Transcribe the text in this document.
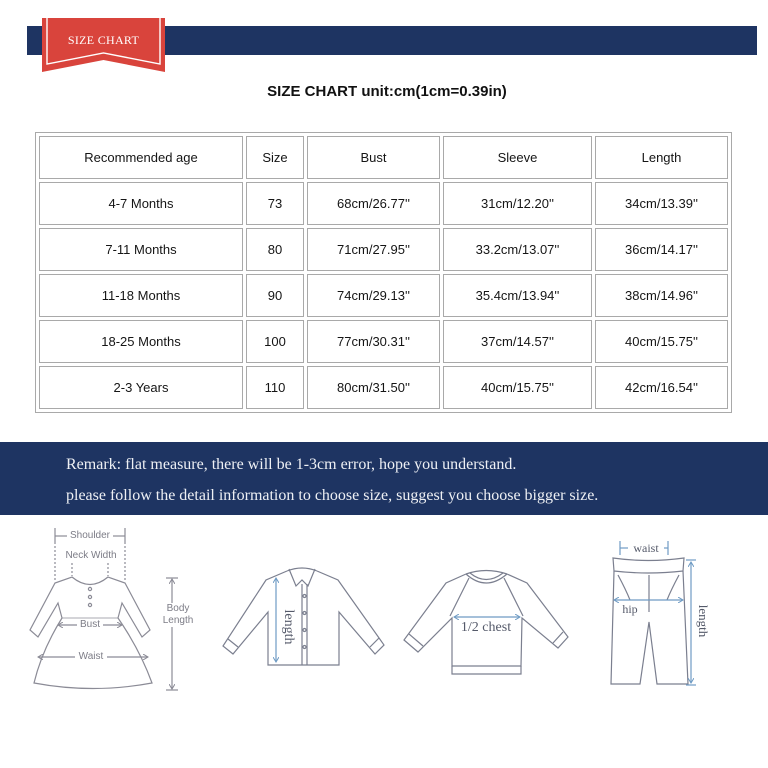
SIZE CHART
SIZE CHART unit:cm(1cm=0.39in)
Recommended age	Size	Bust	Sleeve	Length
4-7 Months	73	68cm/26.77''	31cm/12.20''	34cm/13.39''
7-11 Months	80	71cm/27.95''	33.2cm/13.07''	36cm/14.17''
11-18 Months	90	74cm/29.13''	35.4cm/13.94''	38cm/14.96''
18-25 Months	100	77cm/30.31''	37cm/14.57''	40cm/15.75''
2-3 Years	110	80cm/31.50''	40cm/15.75''	42cm/16.54''
Remark: flat measure, there will be 1-3cm error, hope you understand.
please follow the detail information to choose size, suggest you choose bigger size.
Shoulder
Neck Width
Bust
Waist
Body Length	length	1/2 chest
waist
hip	length
